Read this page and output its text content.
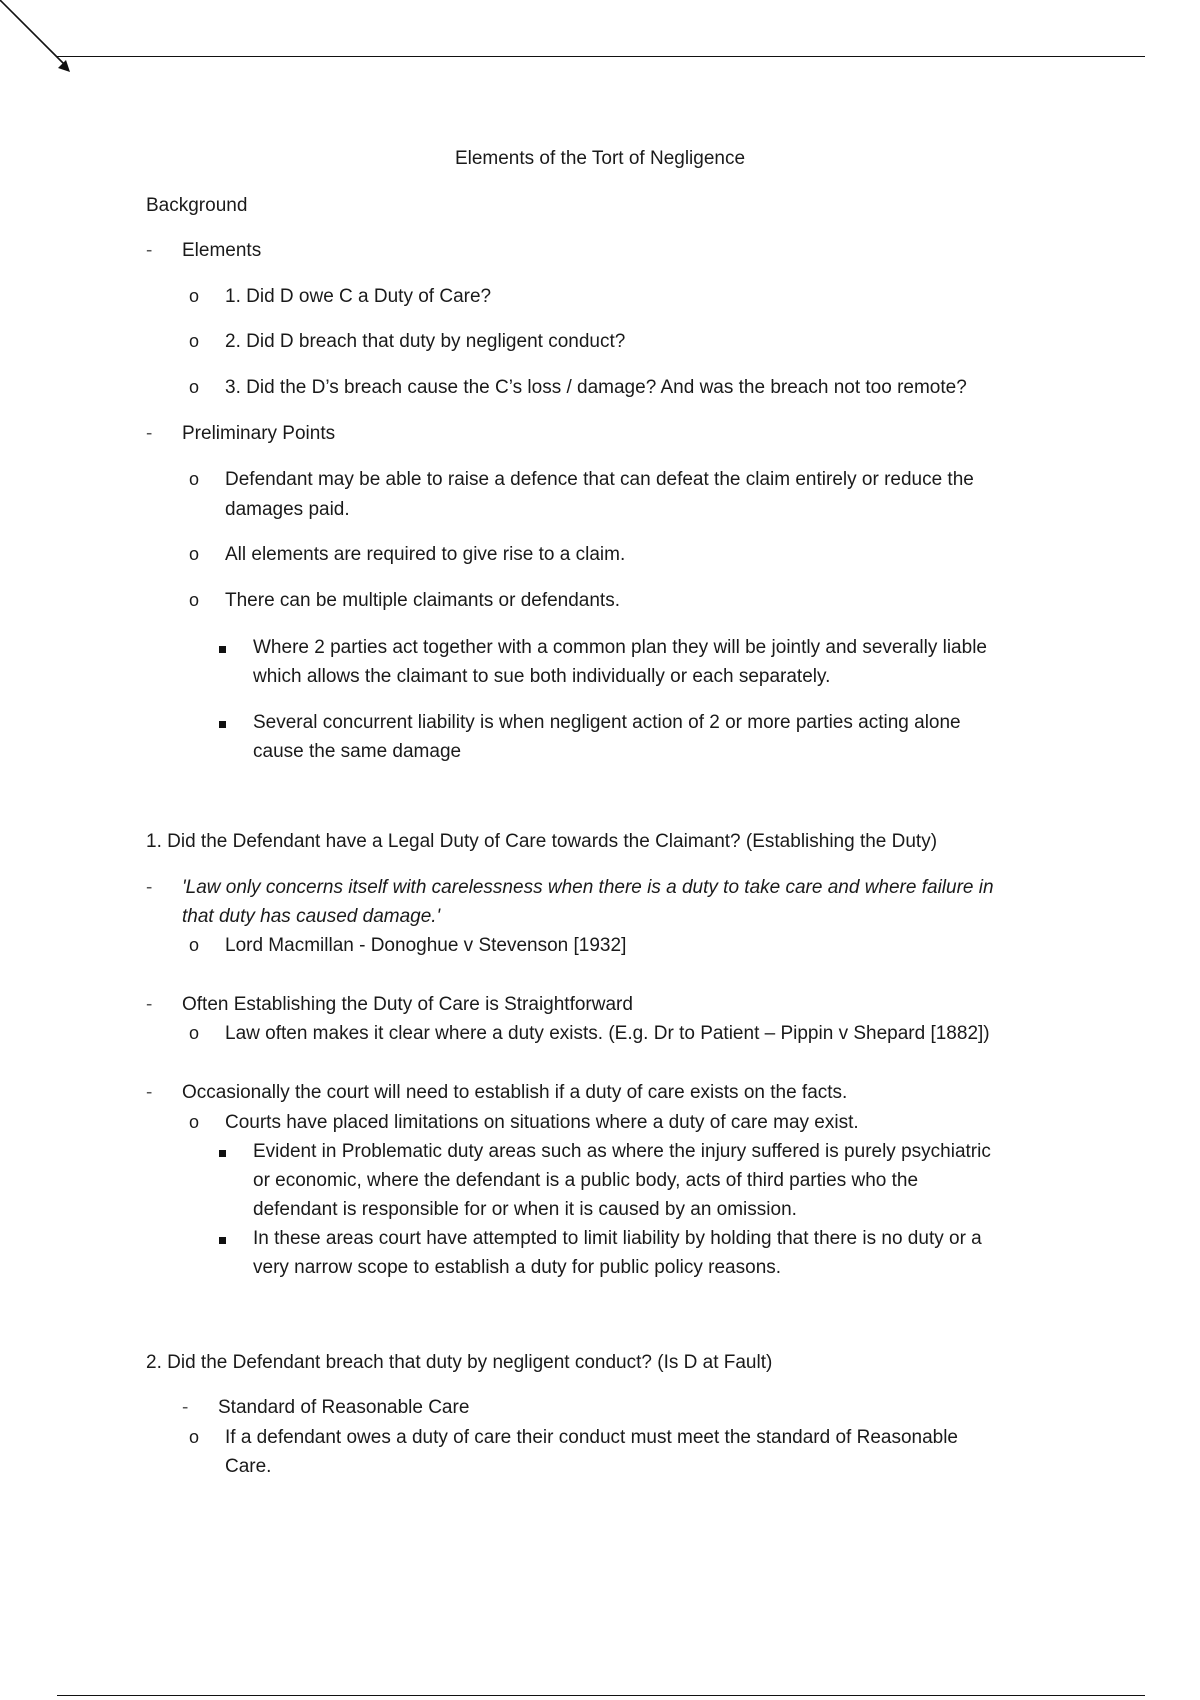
Elements of the Tort of Negligence
Background
- Elements
o 1. Did D owe C a Duty of Care?
o 2. Did D breach that duty by negligent conduct?
o 3. Did the D’s breach cause the C’s loss / damage? And was the breach not too remote?
- Preliminary Points
o Defendant may be able to raise a defence that can defeat the claim entirely or reduce the
damages paid.
o All elements are required to give rise to a claim.
o There can be multiple claimants or defendants.
Where 2 parties act together with a common plan they will be jointly and severally liable
which allows the claimant to sue both individually or each separately.
Several concurrent liability is when negligent action of 2 or more parties acting alone
cause the same damage
1. Did the Defendant have a Legal Duty of Care towards the Claimant? (Establishing the Duty)
- 'Law only concerns itself with carelessness when there is a duty to take care and where failure in
that duty has caused damage.'
o Lord Macmillan - Donoghue v Stevenson [1932]
- Often Establishing the Duty of Care is Straightforward
o Law often makes it clear where a duty exists. (E.g. Dr to Patient – Pippin v Shepard [1882])
- Occasionally the court will need to establish if a duty of care exists on the facts.
o Courts have placed limitations on situations where a duty of care may exist.
Evident in Problematic duty areas such as where the injury suffered is purely psychiatric
or economic, where the defendant is a public body, acts of third parties who the
defendant is responsible for or when it is caused by an omission.
In these areas court have attempted to limit liability by holding that there is no duty or a
very narrow scope to establish a duty for public policy reasons.
2. Did the Defendant breach that duty by negligent conduct? (Is D at Fault)
- Standard of Reasonable Care
o If a defendant owes a duty of care their conduct must meet the standard of Reasonable
Care.
